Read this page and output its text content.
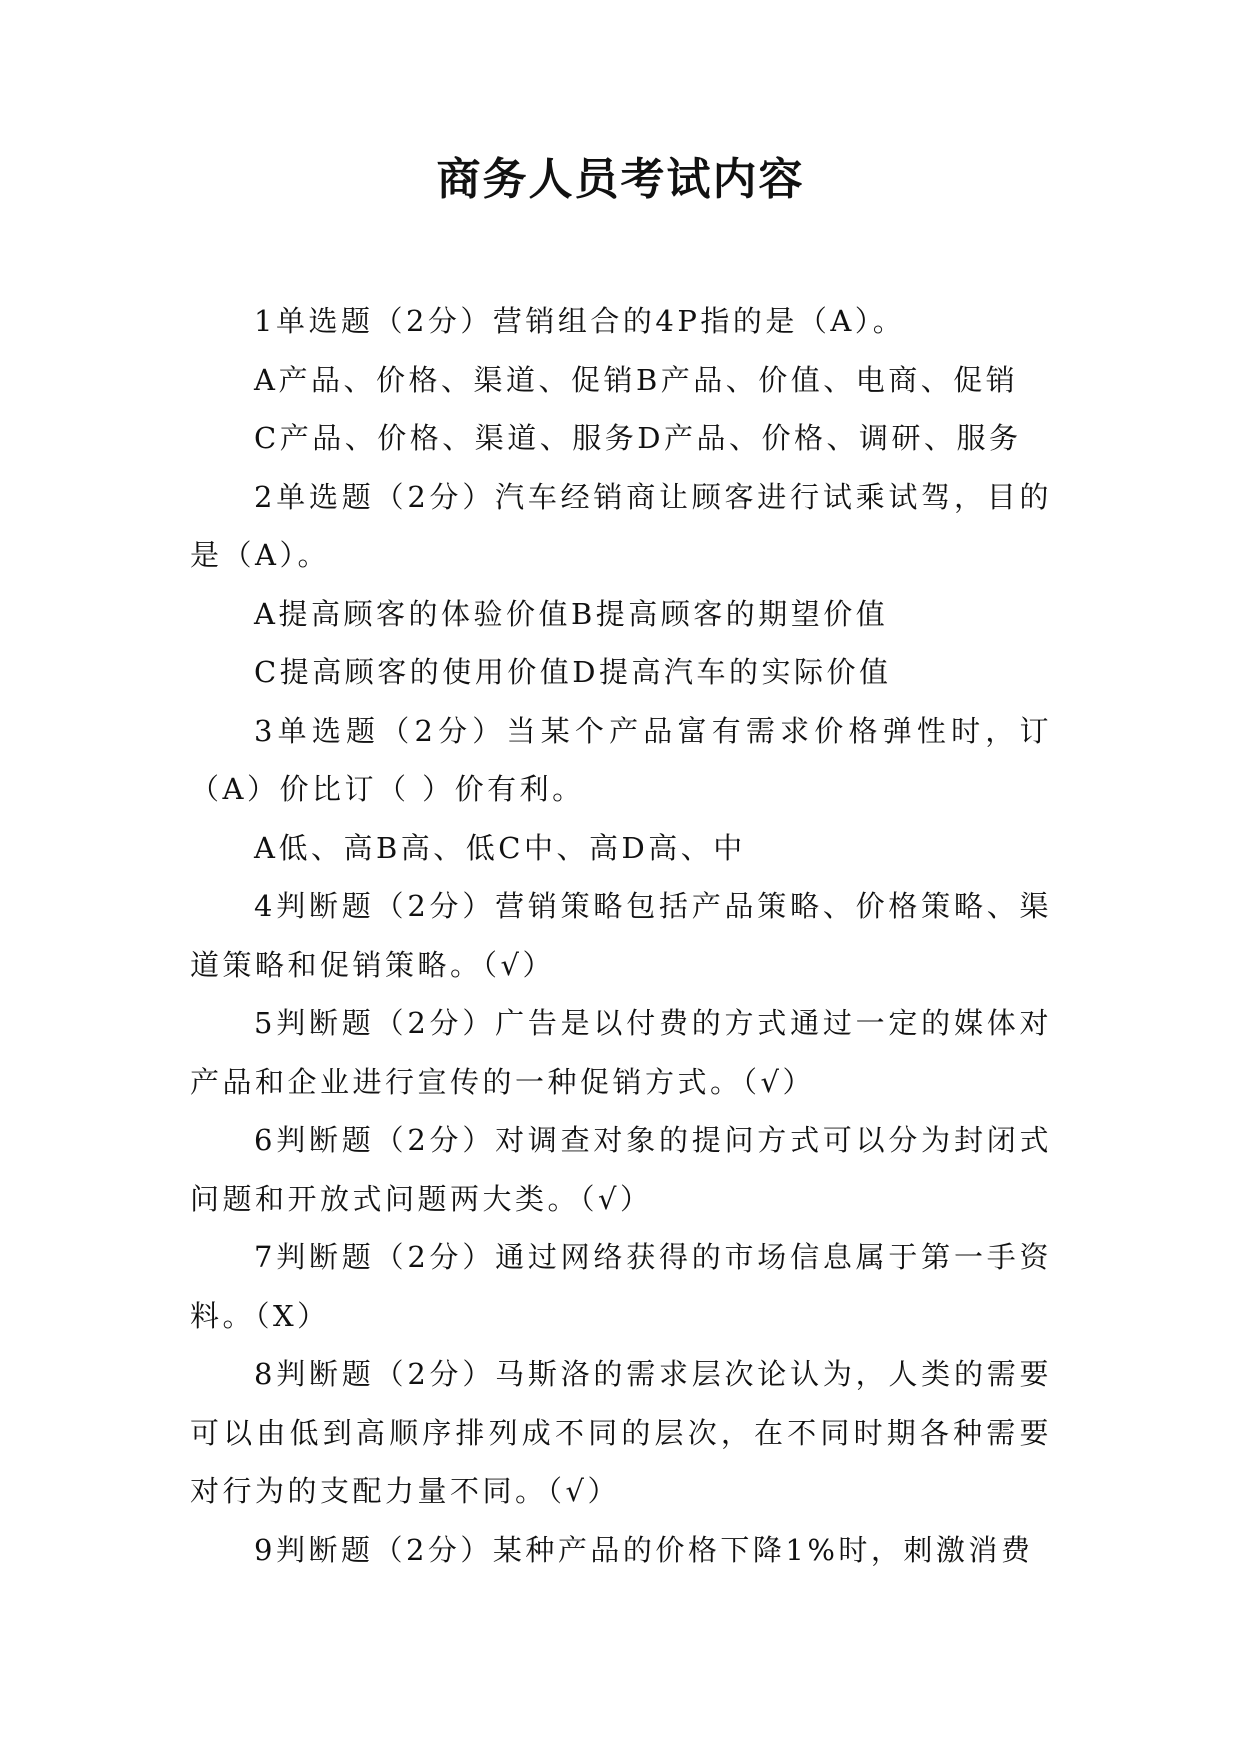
商务人员考试内容

1单选题（2分）营销组合的4P指的是（A）。

A产品、价格、渠道、促销B产品、价值、电商、促销

C产品、价格、渠道、服务D产品、价格、调研、服务

2单选题（2分）汽车经销商让顾客进行试乘试驾，目的是（A）。

A提高顾客的体验价值B提高顾客的期望价值

C提高顾客的使用价值D提高汽车的实际价值

3单选题（2分）当某个产品富有需求价格弹性时，订（A）价比订（ ）价有利。

A低、高B高、低C中、高D高、中

4判断题（2分）营销策略包括产品策略、价格策略、渠道策略和促销策略。（√）

5判断题（2分）广告是以付费的方式通过一定的媒体对产品和企业进行宣传的一种促销方式。（√）

6判断题（2分）对调查对象的提问方式可以分为封闭式问题和开放式问题两大类。（√）

7判断题（2分）通过网络获得的市场信息属于第一手资料。（X）

8判断题（2分）马斯洛的需求层次论认为，人类的需要可以由低到高顺序排列成不同的层次，在不同时期各种需要对行为的支配力量不同。（√）

9判断题（2分）某种产品的价格下降1%时，刺激消费
